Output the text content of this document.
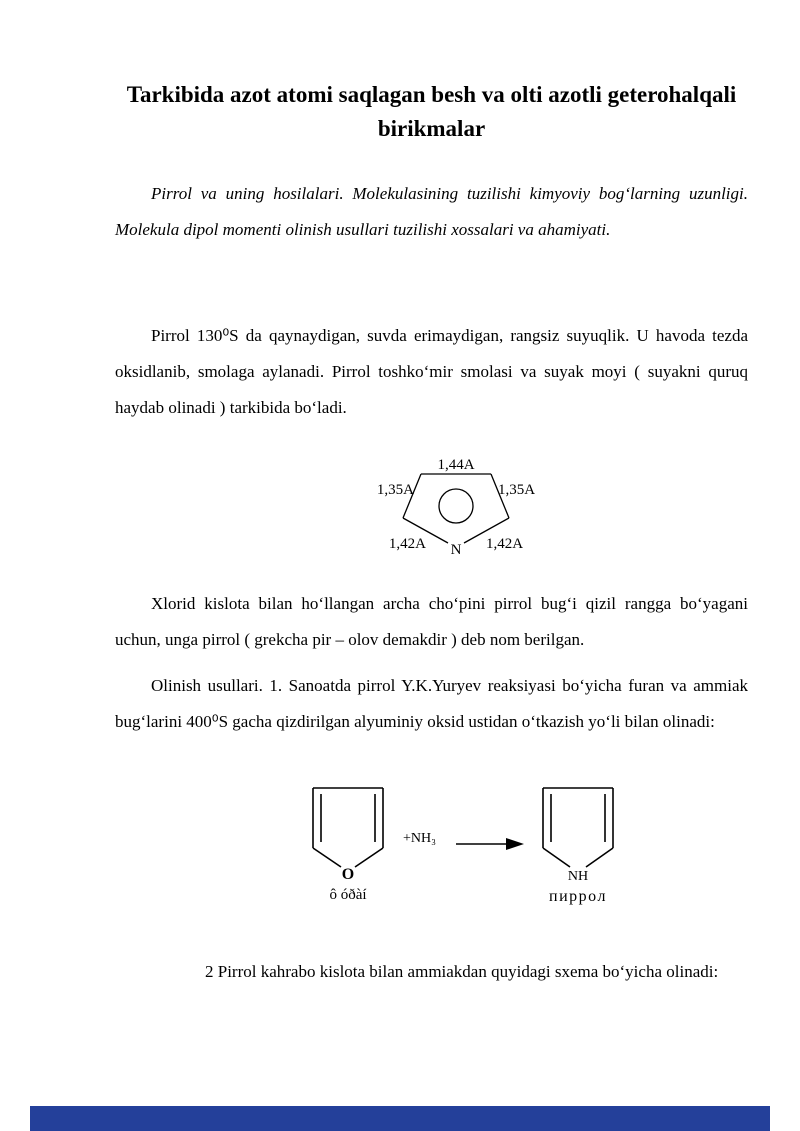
Tarkibida azot atomi saqlagan besh va olti azotli geterohalqali birikmalar

Pirrol va uning hosilalari. Molekulasining tuzilishi kimyoviy bogʻlarning uzunligi. Molekula dipol momenti olinish usullari tuzilishi xossalari va ahamiyati.

Pirrol 130⁰S da qaynaydigan, suvda erimaydigan, rangsiz suyuqlik. U havoda tezda oksidlanib, smolaga aylanadi. Pirrol toshkoʻmir smolasi va suyak moyi ( suyakni quruq haydab olinadi ) tarkibida boʻladi.

1,44A
1,35A	1,35A
1,42A	1,42A
N

Xlorid kislota bilan hoʻllangan archa choʻpini pirrol bugʻi qizil rangga boʻyagani uchun, unga pirrol ( grekcha pir – olov demakdir ) deb nom berilgan.

Olinish usullari. 1. Sanoatda pirrol Y.K.Yuryev reaksiyasi boʻyicha furan va ammiak bugʻlarini 400⁰S gacha qizdirilgan alyuminiy oksid ustidan oʻtkazish yoʻli bilan olinadi:

O
ô óðàí
+NH₃
NH
пиррол

2 Pirrol kahrabo kislota bilan ammiakdan quyidagi sxema boʻyicha olinadi:
